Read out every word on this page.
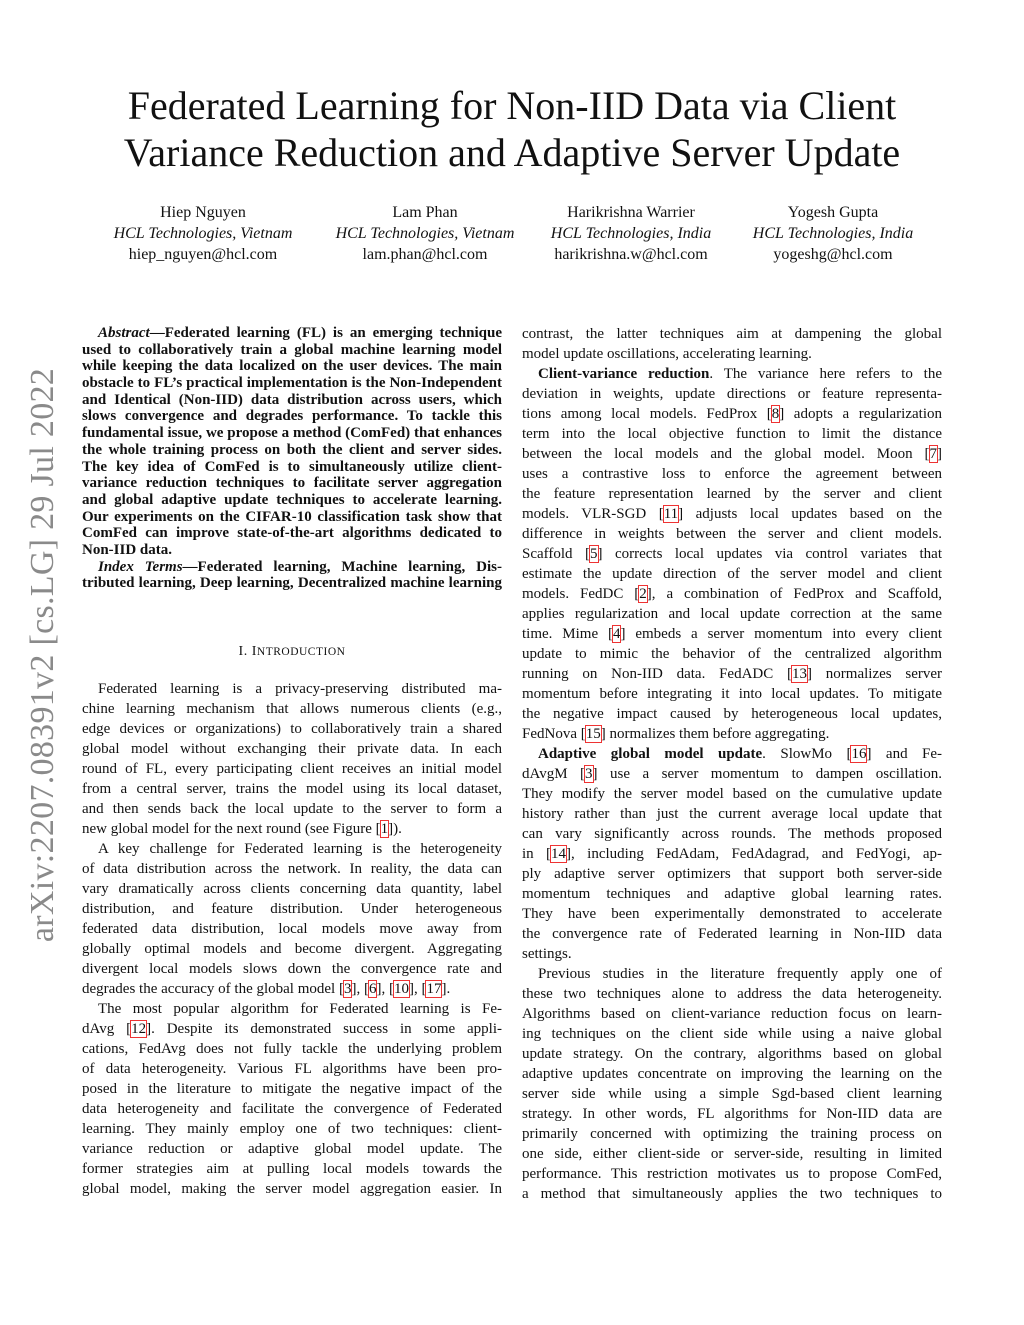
arXiv:2207.08391v2 [cs.LG] 29 Jul 2022
Federated Learning for Non-IID Data via Client
Variance Reduction and Adaptive Server Update
Hiep Nguyen
HCL Technologies, Vietnam
hiep_nguyen@hcl.com
Lam Phan
HCL Technologies, Vietnam
lam.phan@hcl.com
Harikrishna Warrier
HCL Technologies, India
harikrishna.w@hcl.com
Yogesh Gupta
HCL Technologies, India
yogeshg@hcl.com
Abstract—Federated learning (FL) is an emerging technique
used to collaboratively train a global machine learning model
while keeping the data localized on the user devices. The main
obstacle to FL’s practical implementation is the Non-Independent
and Identical (Non-IID) data distribution across users, which
slows convergence and degrades performance. To tackle this
fundamental issue, we propose a method (ComFed) that enhances
the whole training process on both the client and server sides.
The key idea of ComFed is to simultaneously utilize client-
variance reduction techniques to facilitate server aggregation
and global adaptive update techniques to accelerate learning.
Our experiments on the CIFAR-10 classification task show that
ComFed can improve state-of-the-art algorithms dedicated to
Non-IID data.
Index Terms—Federated learning, Machine learning, Dis-
tributed learning, Deep learning, Decentralized machine learning
I. INTRODUCTION
Federated learning is a privacy-preserving distributed ma-
chine learning mechanism that allows numerous clients (e.g.,
edge devices or organizations) to collaboratively train a shared
global model without exchanging their private data. In each
round of FL, every participating client receives an initial model
from a central server, trains the model using its local dataset,
and then sends back the local update to the server to form a
new global model for the next round (see Figure [1]).
A key challenge for Federated learning is the heterogeneity
of data distribution across the network. In reality, the data can
vary dramatically across clients concerning data quantity, label
distribution, and feature distribution. Under heterogeneous
federated data distribution, local models move away from
globally optimal models and become divergent. Aggregating
divergent local models slows down the convergence rate and
degrades the accuracy of the global model [3], [6], [10], [17].
The most popular algorithm for Federated learning is Fe-
dAvg [12]. Despite its demonstrated success in some appli-
cations, FedAvg does not fully tackle the underlying problem
of data heterogeneity. Various FL algorithms have been pro-
posed in the literature to mitigate the negative impact of the
data heterogeneity and facilitate the convergence of Federated
learning. They mainly employ one of two techniques: client-
variance reduction or adaptive global model update. The
former strategies aim at pulling local models towards the
global model, making the server model aggregation easier. In
contrast, the latter techniques aim at dampening the global
model update oscillations, accelerating learning.
Client-variance reduction. The variance here refers to the
deviation in weights, update directions or feature representa-
tions among local models. FedProx [8] adopts a regularization
term into the local objective function to limit the distance
between the local models and the global model. Moon [7]
uses a contrastive loss to enforce the agreement between
the feature representation learned by the server and client
models. VLR-SGD [11] adjusts local updates based on the
difference in weights between the server and client models.
Scaffold [5] corrects local updates via control variates that
estimate the update direction of the server model and client
models. FedDC [2], a combination of FedProx and Scaffold,
applies regularization and local update correction at the same
time. Mime [4] embeds a server momentum into every client
update to mimic the behavior of the centralized algorithm
running on Non-IID data. FedADC [13] normalizes server
momentum before integrating it into local updates. To mitigate
the negative impact caused by heterogeneous local updates,
FedNova [15] normalizes them before aggregating.
Adaptive global model update. SlowMo [16] and Fe-
dAvgM [3] use a server momentum to dampen oscillation.
They modify the server model based on the cumulative update
history rather than just the current average local update that
can vary significantly across rounds. The methods proposed
in [14], including FedAdam, FedAdagrad, and FedYogi, ap-
ply adaptive server optimizers that support both server-side
momentum techniques and adaptive global learning rates.
They have been experimentally demonstrated to accelerate
the convergence rate of Federated learning in Non-IID data
settings.
Previous studies in the literature frequently apply one of
these two techniques alone to address the data heterogeneity.
Algorithms based on client-variance reduction focus on learn-
ing techniques on the client side while using a naive global
update strategy. On the contrary, algorithms based on global
adaptive updates concentrate on improving the learning on the
server side while using a simple Sgd-based client learning
strategy. In other words, FL algorithms for Non-IID data are
primarily concerned with optimizing the training process on
one side, either client-side or server-side, resulting in limited
performance. This restriction motivates us to propose ComFed,
a method that simultaneously applies the two techniques to
